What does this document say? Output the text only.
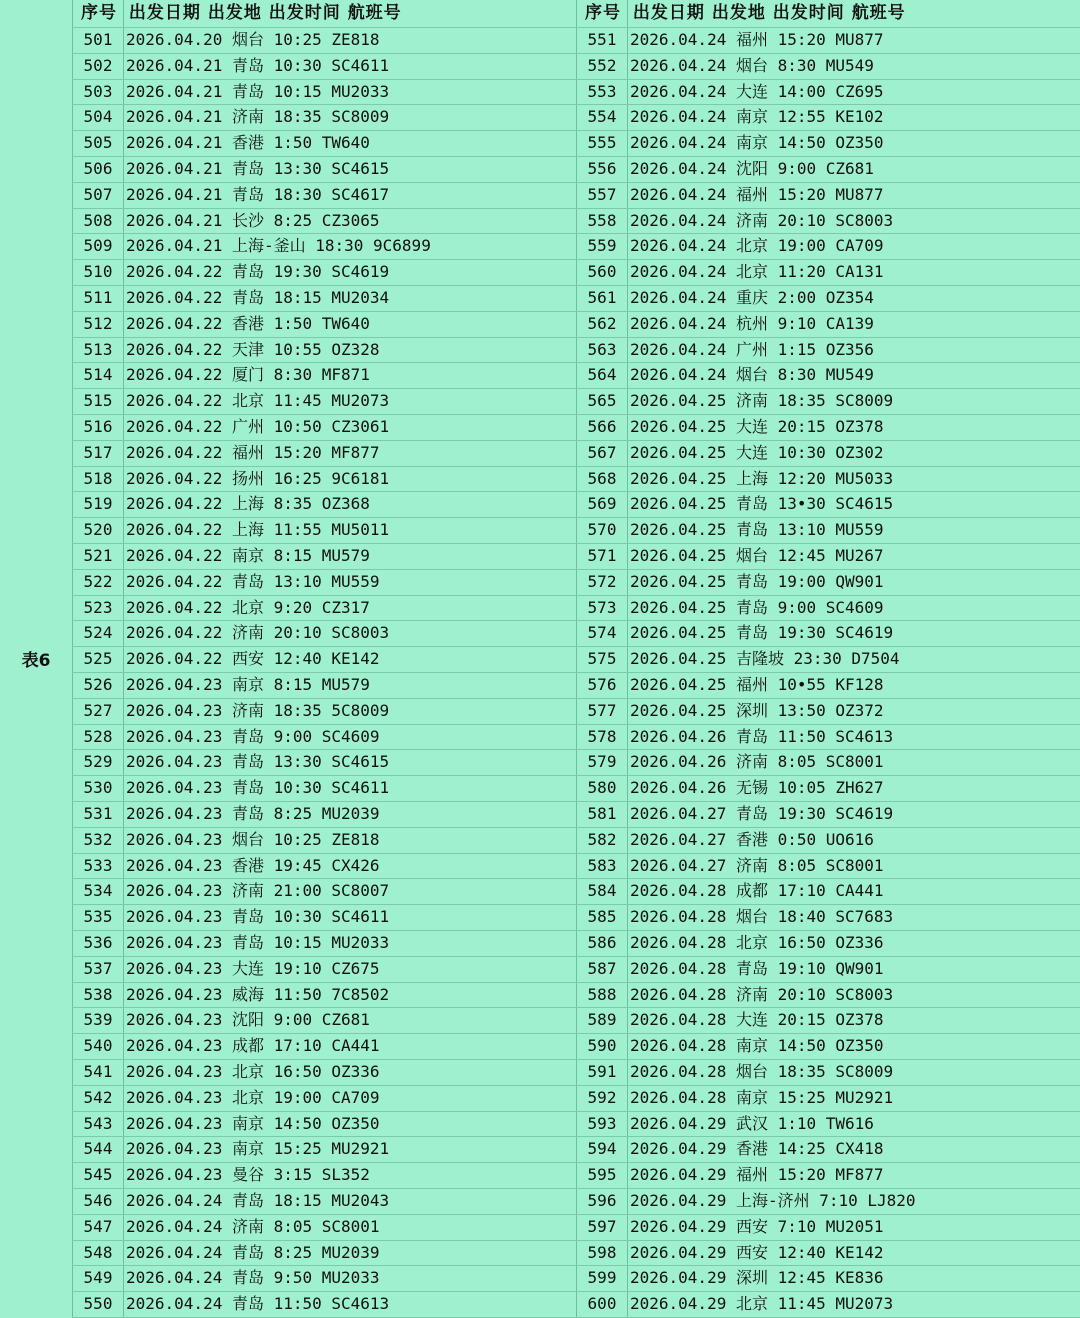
表6
序号 出发日期 出发地 出发时间 航班号	序号 出发日期 出发地 出发时间 航班号
501 2026.04.20 烟台 10:25 ZE818
502 2026.04.21 青岛 10:30 SC4611
503 2026.04.21 青岛 10:15 MU2033
504 2026.04.21 济南 18:35 SC8009
505 2026.04.21 香港 1:50 TW640
506 2026.04.21 青岛 13:30 SC4615
507 2026.04.21 青岛 18:30 SC4617
508 2026.04.21 长沙 8:25 CZ3065
509 2026.04.21 上海-釜山 18:30 9C6899
510 2026.04.22 青岛 19:30 SC4619
511 2026.04.22 青岛 18:15 MU2034
512 2026.04.22 香港 1:50 TW640
513 2026.04.22 天津 10:55 OZ328
514 2026.04.22 厦门 8:30 MF871
515 2026.04.22 北京 11:45 MU2073
516 2026.04.22 广州 10:50 CZ3061
517 2026.04.22 福州 15:20 MF877
518 2026.04.22 扬州 16:25 9C6181
519 2026.04.22 上海 8:35 OZ368
520 2026.04.22 上海 11:55 MU5011
521 2026.04.22 南京 8:15 MU579
522 2026.04.22 青岛 13:10 MU559
523 2026.04.22 北京 9:20 CZ317
524 2026.04.22 济南 20:10 SC8003
525 2026.04.22 西安 12:40 KE142
526 2026.04.23 南京 8:15 MU579
527 2026.04.23 济南 18:35 5C8009
528 2026.04.23 青岛 9:00 SC4609
529 2026.04.23 青岛 13:30 SC4615
530 2026.04.23 青岛 10:30 SC4611
531 2026.04.23 青岛 8:25 MU2039
532 2026.04.23 烟台 10:25 ZE818
533 2026.04.23 香港 19:45 CX426
534 2026.04.23 济南 21:00 SC8007
535 2026.04.23 青岛 10:30 SC4611
536 2026.04.23 青岛 10:15 MU2033
537 2026.04.23 大连 19:10 CZ675
538 2026.04.23 威海 11:50 7C8502
539 2026.04.23 沈阳 9:00 CZ681
540 2026.04.23 成都 17:10 CA441
541 2026.04.23 北京 16:50 OZ336
542 2026.04.23 北京 19:00 CA709
543 2026.04.23 南京 14:50 OZ350
544 2026.04.23 南京 15:25 MU2921
545 2026.04.23 曼谷 3:15 SL352
546 2026.04.24 青岛 18:15 MU2043
547 2026.04.24 济南 8:05 SC8001
548 2026.04.24 青岛 8:25 MU2039
549 2026.04.24 青岛 9:50 MU2033
550 2026.04.24 青岛 11:50 SC4613
551 2026.04.24 福州 15:20 MU877
552 2026.04.24 烟台 8:30 MU549
553 2026.04.24 大连 14:00 CZ695
554 2026.04.24 南京 12:55 KE102
555 2026.04.24 南京 14:50 OZ350
556 2026.04.24 沈阳 9:00 CZ681
557 2026.04.24 福州 15:20 MU877
558 2026.04.24 济南 20:10 SC8003
559 2026.04.24 北京 19:00 CA709
560 2026.04.24 北京 11:20 CA131
561 2026.04.24 重庆 2:00 OZ354
562 2026.04.24 杭州 9:10 CA139
563 2026.04.24 广州 1:15 OZ356
564 2026.04.24 烟台 8:30 MU549
565 2026.04.25 济南 18:35 SC8009
566 2026.04.25 大连 20:15 OZ378
567 2026.04.25 大连 10:30 OZ302
568 2026.04.25 上海 12:20 MU5033
569 2026.04.25 青岛 13•30 SC4615
570 2026.04.25 青岛 13:10 MU559
571 2026.04.25 烟台 12:45 MU267
572 2026.04.25 青岛 19:00 QW901
573 2026.04.25 青岛 9:00 SC4609
574 2026.04.25 青岛 19:30 SC4619
575 2026.04.25 吉隆坡 23:30 D7504
576 2026.04.25 福州 10•55 KF128
577 2026.04.25 深圳 13:50 OZ372
578 2026.04.26 青岛 11:50 SC4613
579 2026.04.26 济南 8:05 SC8001
580 2026.04.26 无锡 10:05 ZH627
581 2026.04.27 青岛 19:30 SC4619
582 2026.04.27 香港 0:50 UO616
583 2026.04.27 济南 8:05 SC8001
584 2026.04.28 成都 17:10 CA441
585 2026.04.28 烟台 18:40 SC7683
586 2026.04.28 北京 16:50 OZ336
587 2026.04.28 青岛 19:10 QW901
588 2026.04.28 济南 20:10 SC8003
589 2026.04.28 大连 20:15 OZ378
590 2026.04.28 南京 14:50 OZ350
591 2026.04.28 烟台 18:35 SC8009
592 2026.04.28 南京 15:25 MU2921
593 2026.04.29 武汉 1:10 TW616
594 2026.04.29 香港 14:25 CX418
595 2026.04.29 福州 15:20 MF877
596 2026.04.29 上海-济州 7:10 LJ820
597 2026.04.29 西安 7:10 MU2051
598 2026.04.29 西安 12:40 KE142
599 2026.04.29 深圳 12:45 KE836
600 2026.04.29 北京 11:45 MU2073
